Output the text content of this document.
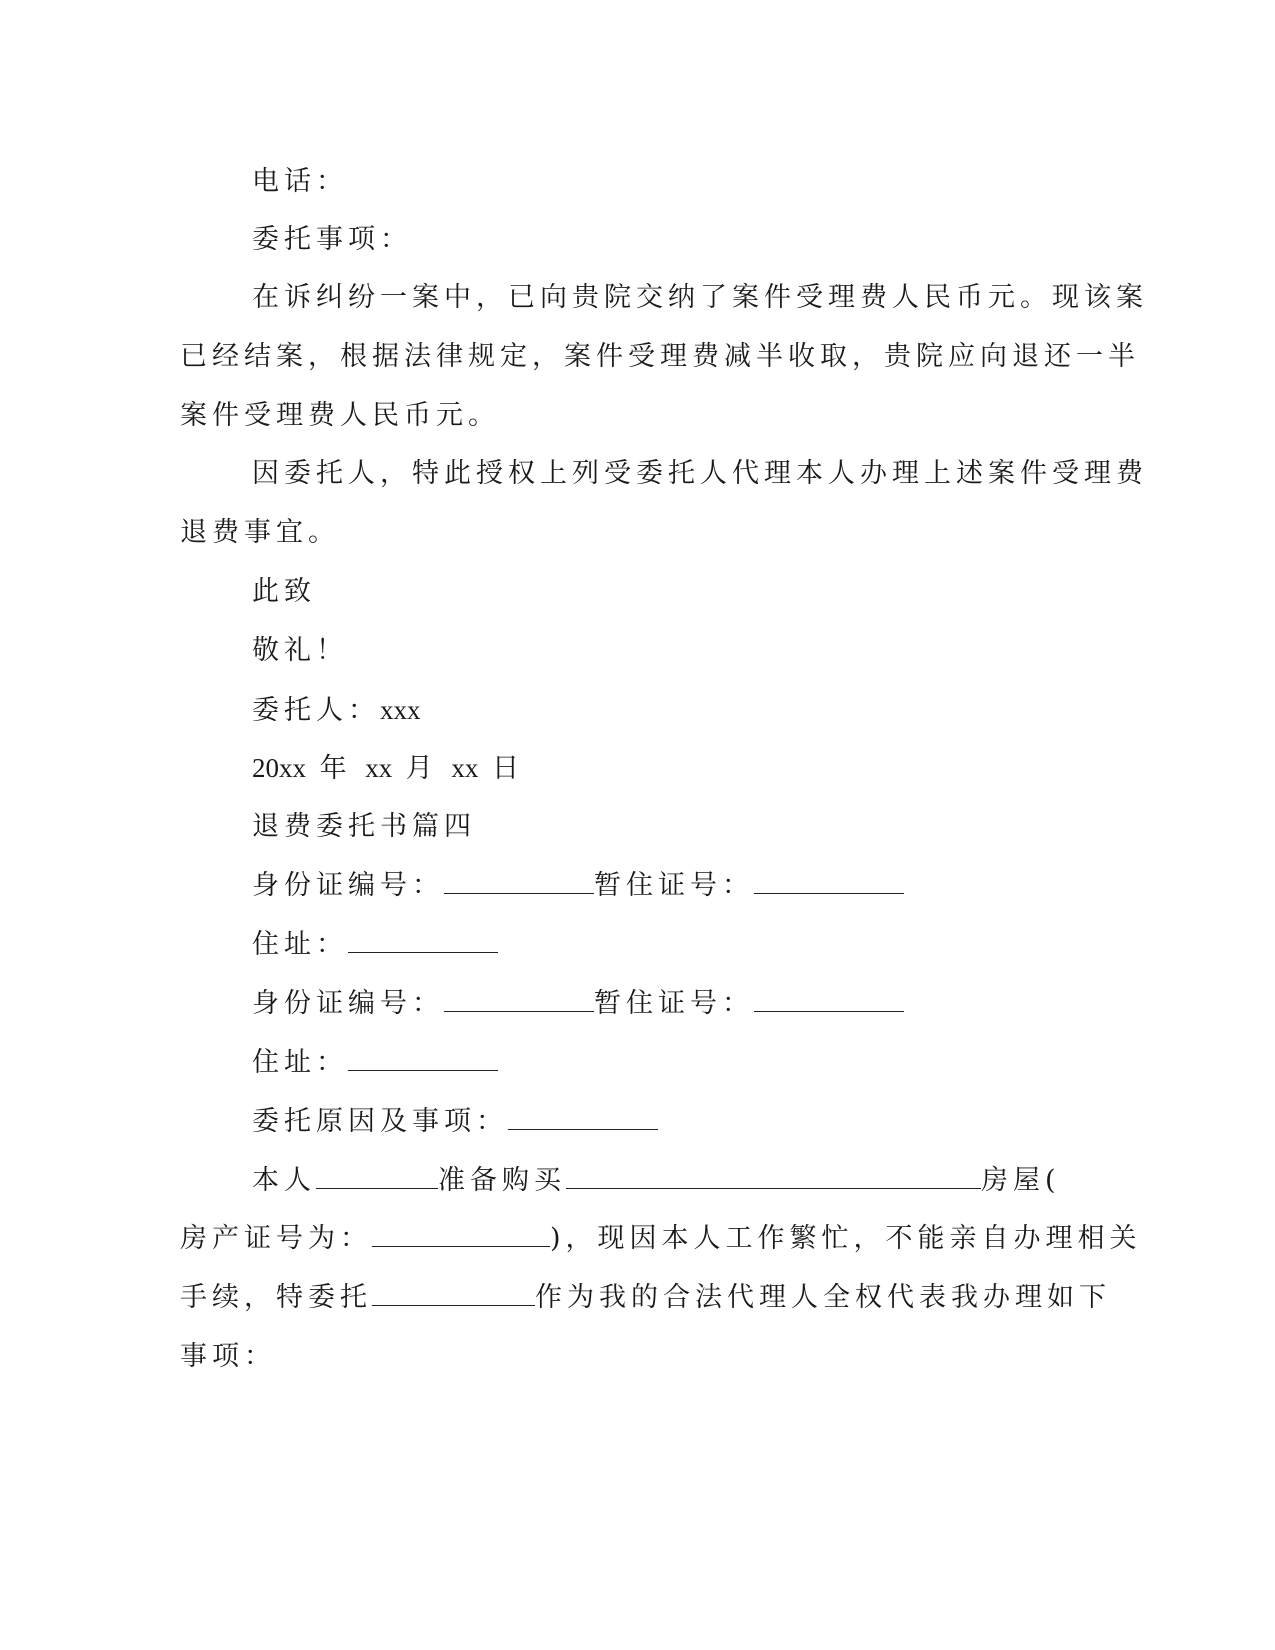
电话：
委托事项：
在诉纠纷一案中，已向贵院交纳了案件受理费人民币元。现该案
已经结案，根据法律规定，案件受理费减半收取，贵院应向退还一半
案件受理费人民币元。
因委托人，特此授权上列受委托人代理本人办理上述案件受理费
退费事宜。
此致
敬礼！
委托人：xxx
20xx 年 xx 月 xx 日
退费委托书篇四
身份证编号：	暂住证号：
住址：
身份证编号：	暂住证号：
住址：
委托原因及事项：
本人	准备购买	房屋(
房产证号为：	)，现因本人工作繁忙，不能亲自办理相关
手续，特委托	作为我的合法代理人全权代表我办理如下
事项：
